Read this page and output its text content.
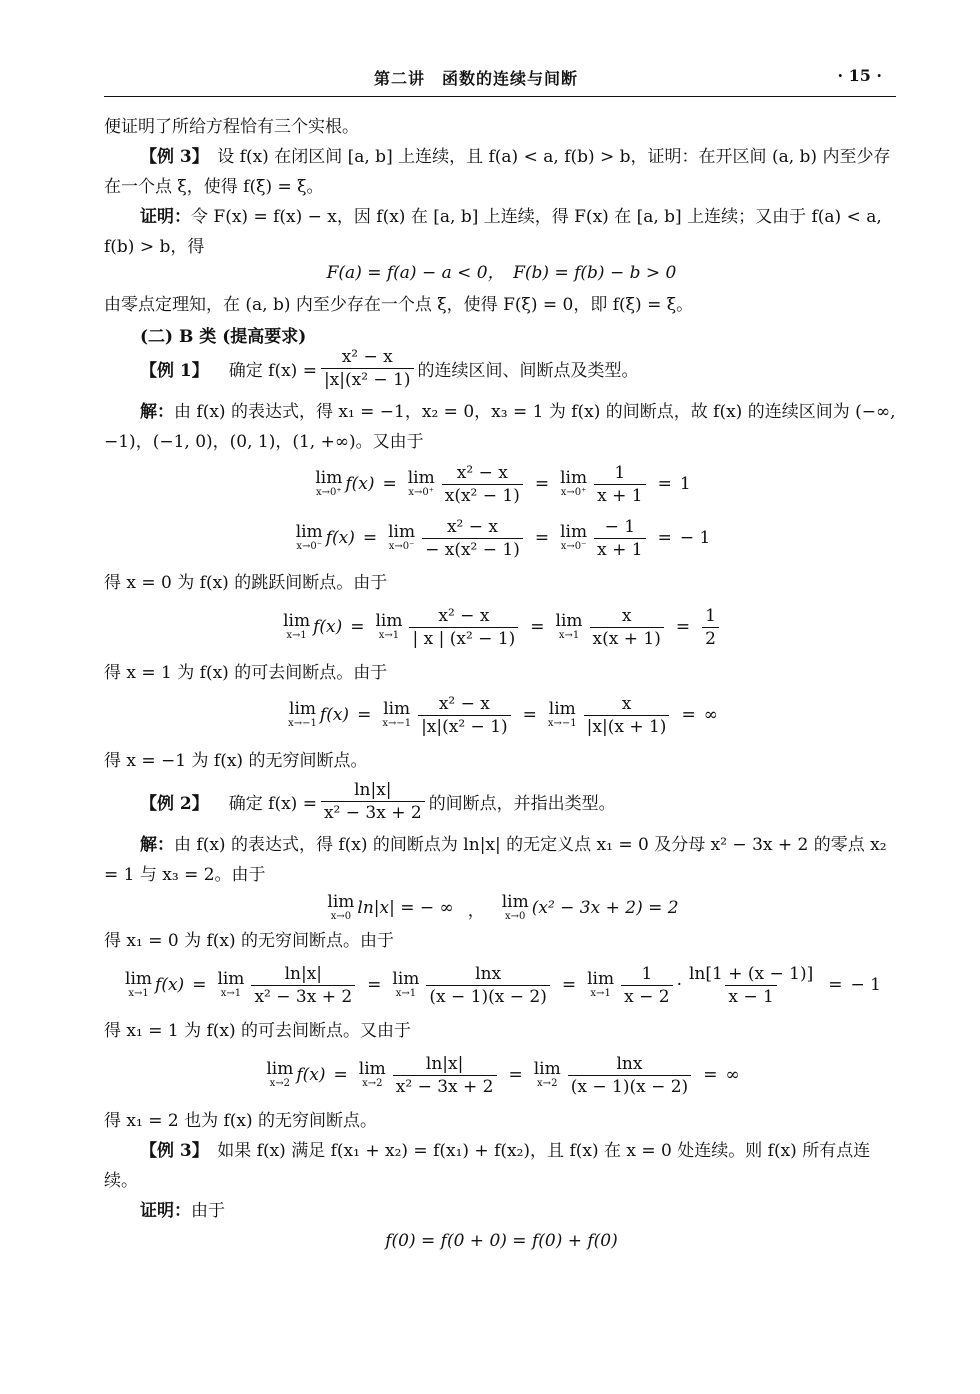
第二讲　函数的连续与间断	· 15 ·

便证明了所给方程恰有三个实根。

【例 3】　 设 f(x) 在闭区间 [a, b] 上连续，且 f(a) < a, f(b) > b，证明：在开区间 (a, b) 内至少存在一个点 ξ，使得 f(ξ) = ξ。

证明：令 F(x) = f(x) − x，因 f(x) 在 [a, b] 上连续，得 F(x) 在 [a, b] 上连续；又由于 f(a) < a, f(b) > b，得

F(a) = f(a) − a < 0，　F(b) = f(b) − b > 0

由零点定理知，在 (a, b) 内至少存在一个点 ξ，使得 F(ξ) = 0，即 f(ξ) = ξ。

(二) B 类 (提高要求)

【例 1】 确定 $f(x) = \frac{\text{x² − x}}{\text{|x|(x² − 1)}}$ 的连续区间、间断点及类型。

解：由 f(x) 的表达式，得 x₁ = −1，x₂ = 0，x₃ = 1 为 f(x) 的间断点，故 f(x) 的连续区间为 (−∞, −1)，(−1, 0)，(0, 1)，(1, +∞)。又由于

lim
x→0⁺ f(x) = lim
$x\to 0^+ \frac{\text{x² − x}}{\text{x(x² − 1)}} = \lim$
$x\to 0^+ \frac{1}{x + 1} = 1$
lim
x→0⁻ f(x) = lim
$x\to 0^- \frac{\text{x² − x}}{\text{− x(x² − 1)}} = \lim$
$x\to 0^- \frac{- 1}{x + 1}$ = − 1

得 x = 0 为 f(x) 的跳跃间断点。由于

lim
x→1 f(x) = lim
$x\to 1 \frac{\text{x² − x}}{\text{| x | (x² − 1)}} = \lim$
$x\to 1 \frac{x}{x(x + 1)} = \frac{1}{2}$

得 x = 1 为 f(x) 的可去间断点。由于

lim
x→−1 f(x) = lim
$x\to-1 \frac{\text{x² − x}}{\text{|x|(x² − 1)}} = \lim$
$x\to-1 \frac{x}{|x|(x + 1)}$ = ∞

得 x = −1 为 f(x) 的无穷间断点。

【例 2】 确定 $f(x) = \frac{\ln|x|}{\text{x² − 3x + 2}}$ 的间断点，并指出类型。

解：由 f(x) 的表达式，得 f(x) 的间断点为 ln|x| 的无定义点 x₁ = 0 及分母 x² − 3x + 2 的零点 x₂ = 1 与 x₃ = 2。由于

lim
x→0 ln|x| = − ∞ ， lim
x→0 (x² − 3x + 2) = 2

得 x₁ = 0 为 f(x) 的无穷间断点。由于

lim
x→1 f(x) = lim
$x\to 1 \frac{\ln|x|}{\text{x² − 3x + 2}} = \lim$
$x\to 1 \frac{\ln x}{(x - 1)(x - 2)} = \lim$
$x\to 1 \frac{1}{x - 2} \cdot \frac{\ln[1 + (x - 1)]}{x - 1}$ = − 1

得 x₁ = 1 为 f(x) 的可去间断点。又由于

lim
x→2 f(x) = lim
$x\to 2 \frac{\ln|x|}{\text{x² − 3x + 2}} = \lim$
$x\to 2 \frac{\ln x}{(x - 1)(x - 2)}$ = ∞

得 x₁ = 2 也为 f(x) 的无穷间断点。

【例 3】　 如果 f(x) 满足 f(x₁ + x₂) = f(x₁) + f(x₂)，且 f(x) 在 x = 0 处连续。则 f(x) 所有点连续。

证明：由于

f(0) = f(0 + 0) = f(0) + f(0)
